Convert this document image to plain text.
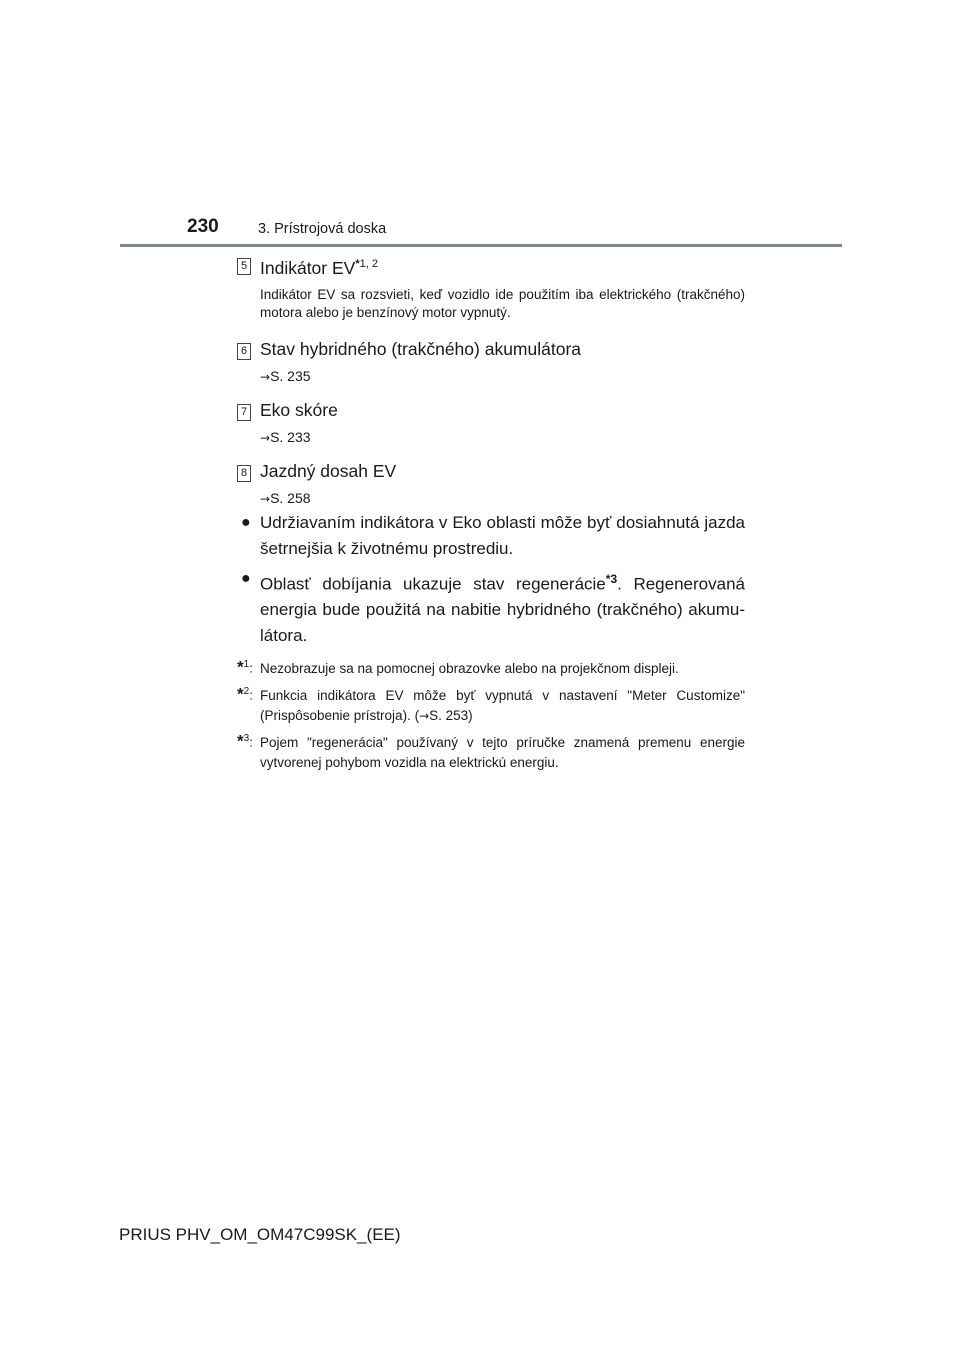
230	3. Prístrojová doska
5 Indikátor EV$^{*1, 2}$
Indikátor EV sa rozsvieti, keď vozidlo ide použitím iba elektrického (trakčného) motora alebo je benzínový motor vypnutý.
6 Stav hybridného (trakčného) akumulátora
→S. 235
7 Eko skóre
→S. 233
8 Jazdný dosah EV
→S. 258
● Udržiavaním indikátora v Eko oblasti môže byť dosiahnutá jazda šetrnejšia k životnému prostrediu.
● Oblasť dobíjania ukazuje stav regenerácie$^{*3}$. Regenerovaná energia bude použitá na nabitie hybridného (trakčného) akumu-látora.
*$^1$: Nezobrazuje sa na pomocnej obrazovke alebo na projekčnom displeji.
*$^2$: Funkcia indikátora EV môže byť vypnutá v nastavení "Meter Customize" (Prispôsobenie prístroja). (→S. 253)
*$^3$: Pojem "regenerácia" používaný v tejto príručke znamená premenu energie vytvorenej pohybom vozidla na elektrickú energiu.
PRIUS PHV_OM_OM47C99SK_(EE)
